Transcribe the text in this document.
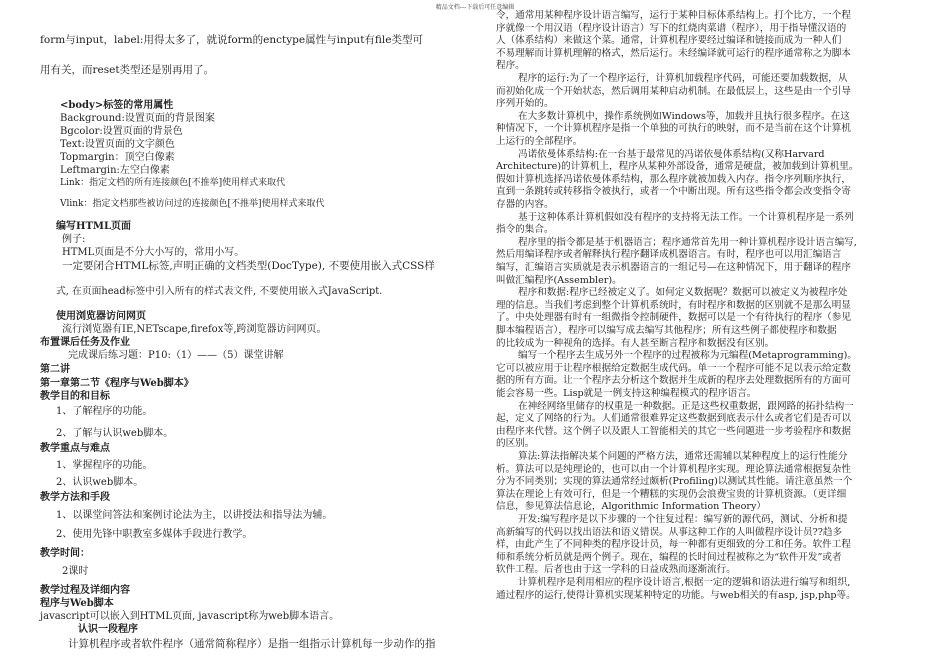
精品文档---下载后可任意编辑
form与input，label:用得太多了，就说form的enctype属性与input有file类型可
用有关，而reset类型还是别再用了。
<body>标签的常用属性
Background:设置页面的背景图案
Bgcolor:设置页面的背景色
Text:设置页面的文字颜色
Topmargin：顶空白像素
Leftmargin:左空白像素
Link：指定文档的所有连接颜色[不推举]使用样式来取代
Vlink：指定文档那些被访问过的连接颜色[不推举]使用样式来取代
编写HTML页面
例子:
HTML页面是不分大小写的，常用小写。
一定要闭合HTML标签,声明正确的文档类型(DocType), 不要使用嵌入式CSS样
式, 在页面head标签中引入所有的样式表文件, 不要使用嵌入式JavaScript.
使用浏览器访问网页
流行浏览器有IE,NETscape,firefox等,跨浏览器访问网页。
布置课后任务及作业
完成课后练习题：P10:（1）——（5）课堂讲解
第二讲
第一章第二节《程序与Web脚本》
教学目的和目标
1、了解程序的功能。
2、了解与认识web脚本。
教学重点与难点
1、掌握程序的功能。
2、认识web脚本。
教学方法和手段
1、以课堂问答法和案例讨论法为主，以讲授法和指导法为辅。
2、使用先锋中职教室多媒体手段进行教学。
教学时间：
2课时
教学过程及详细内容
程序与Web脚本
javascript可以嵌入到HTML页面, javascript称为web脚本语言。
认识一段程序
计算机程序或者软件程序（通常简称程序）是指一组指示计算机每一步动作的指
令，通常用某种程序设计语言编写，运行于某种目标体系结构上。打个比方，一个程
序就像一个用汉语（程序设计语言）写下的红烧肉菜谱（程序），用于指导懂汉语的
人（体系结构）来做这个菜。通常，计算机程序要经过编译和链接而成为一种人们
不易理解而计算机理解的格式，然后运行。未经编译就可运行的程序通常称之为脚本
程序。
程序的运行:为了一个程序运行，计算机加载程序代码，可能还要加载数据，从
而初始化成一个开始状态，然后调用某种启动机制。在最低层上，这些是由一个引导
序列开始的。
在大多数计算机中，操作系统例如Windows等，加载并且执行很多程序。在这
种情况下，一个计算机程序是指一个单独的可执行的映射，而不是当前在这个计算机
上运行的全部程序。
冯诺依曼体系结构:在一台基于最常见的冯诺依曼体系结构(又称Harvard
Architecture)的计算机上，程序从某种外部设备，通常是硬盘，被加载到计算机里。
假如计算机选择冯诺依曼体系结构，那么程序就被加载入内存。指令序列顺序执行，
直到一条跳转或转移指令被执行，或者一个中断出现。所有这些指令都会改变指令寄
存器的内容。
基于这种体系计算机假如没有程序的支持将无法工作。一个计算机程序是一系列
指令的集合。
程序里的指令都是基于机器语言；程序通常首先用一种计算机程序设计语言编写,
然后用编译程序或者解释执行程序翻译成机器语言。有时，程序也可以用汇编语言
编写，汇编语言实质就是表示机器语言的一组记号—在这种情况下，用于翻译的程序
叫做汇编程序(Assembler)。
程序和数据:程序已经被定义了。如何定义数据呢？数据可以被定义为被程序处
理的信息。当我们考虑到整个计算机系统时，有时程序和数据的区别就不是那么明显
了。中央处理器有时有一组微指令控制硬件，数据可以是一个有待执行的程序（参见
脚本编程语言），程序可以编写成去编写其他程序；所有这些例子都使程序和数据
的比较成为一种视角的选择。有人甚至断言程序和数据没有区别。
编写一个程序去生成另外一个程序的过程被称为元编程(Metaprogramming)。
它可以被应用于让程序根据给定数据生成代码。单一一个程序可能不足以表示给定数
据的所有方面。让一个程序去分析这个数据并生成新的程序去处理数据所有的方面可
能会容易一些。Lisp就是一例支持这种编程模式的程序语言。
在神经网络里储存的权重是一种数据。正是这些权重数据，跟网路的拓扑结构一
起，定义了网络的行为。人们通常很难界定这些数据到底表示什么或者它们是否可以
由程序来代替。这个例子以及跟人工智能相关的其它一些问题进一步考验程序和数据
的区别。
算法:算法指解决某个问题的严格方法，通常还需辅以某种程度上的运行性能分
析。算法可以是纯理论的，也可以由一个计算机程序实现。理论算法通常根据复杂性
分为不同类别；实现的算法通常经过颇析(Profiling)以测试其性能。请注意虽然一个
算法在理论上有效可行，但是一个糟糕的实现仍会浪费宝贵的计算机资源。（更详细
信息，参见算法信息论，Algorithmic Information Theory）
开发:编写程序是以下步骤的一个往复过程：编写新的源代码，测试、分析和提
高新编写的代码以找出语法和语义错误。从事这种工作的人叫做程序设计员??趋多
样，由此产生了不同种类的程序设计员，每一种都有更细致的分工和任务。软件工程
师和系统分析员就是两个例子。现在，编程的长时间过程被称之为“软件开发”或者
软件工程。后者也由于这一学科的日益成熟而逐渐流行。
计算机程序是利用相应的程序设计语言,根据一定的逻辑和语法进行编写和组织,
通过程序的运行,使得计算机实现某种特定的功能。与web相关的有asp, jsp,php等。
